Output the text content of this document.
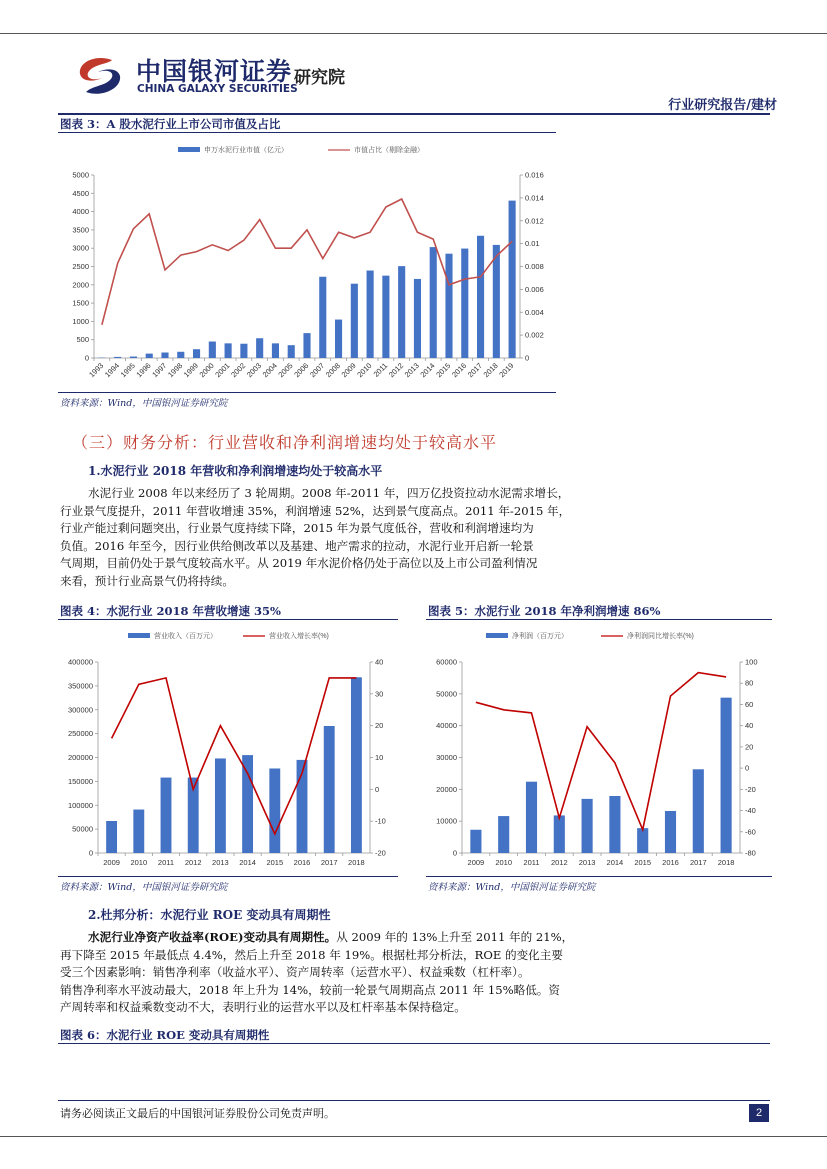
中国银河证券
CHINA GALAXY SECURITIES
研究院
行业研究报告/建材
图表 3：A 股水泥行业上市公司市值及占比
申万水泥行业市值（亿元）	市值占比（剔除金融）
0
500
1000
1500
2000
2500
3000
3500
4000
4500
5000
0
0.002
0.004
0.006
0.008
0.01
0.012
0.014
0.016
1993
1994
1995
1996
1997
1998
1999
2000
2001
2002
2003
2004
2005
2006
2007
2008
2009
2010
2011
2012
2013
2014
2015
2016
2017
2018
2019
资料来源：Wind，中国银河证券研究院
（三）财务分析：行业营收和净利润增速均处于较高水平
1.水泥行业 2018 年营收和净利润增速均处于较高水平
水泥行业 2008 年以来经历了 3 轮周期。2008 年-2011 年，四万亿投资拉动水泥需求增长，
行业景气度提升，2011 年营收增速 35%，利润增速 52%，达到景气度高点。2011 年-2015 年，
行业产能过剩问题突出，行业景气度持续下降，2015 年为景气度低谷，营收和利润增速均为
负值。2016 年至今，因行业供给侧改革以及基建、地产需求的拉动，水泥行业开启新一轮景
气周期，目前仍处于景气度较高水平。从 2019 年水泥价格仍处于高位以及上市公司盈利情况
来看，预计行业高景气仍将持续。
图表 4：水泥行业 2018 年营收增速 35%
营业收入（百万元）	营业收入增长率(%)
0
50000
100000
150000
200000
250000
300000
350000
400000
-20
-10
0
10
20
30
40
2009 2010 2011 2012 2013 2014 2015 2016 2017 2018
资料来源：Wind，中国银河证券研究院
图表 5：水泥行业 2018 年净利润增速 86%
净利润（百万元）	净利润同比增长率(%)
0
10000
20000
30000
40000
50000
60000
-80
-60
-40
-20
0
20
40
60
80
100
2009 2010 2011 2012 2013 2014 2015 2016 2017 2018
资料来源：Wind，中国银河证券研究院
2.杜邦分析：水泥行业 ROE 变动具有周期性
水泥行业净资产收益率(ROE)变动具有周期性。从 2009 年的 13%上升至 2011 年的 21%，
再下降至 2015 年最低点 4.4%，然后上升至 2018 年 19%。根据杜邦分析法，ROE 的变化主要
受三个因素影响：销售净利率（收益水平）、资产周转率（运营水平）、权益乘数（杠杆率）。
销售净利率水平波动最大，2018 年上升为 14%，较前一轮景气周期高点 2011 年 15%略低。资
产周转率和权益乘数变动不大，表明行业的运营水平以及杠杆率基本保持稳定。
图表 6：水泥行业 ROE 变动具有周期性
请务必阅读正文最后的中国银河证券股份公司免责声明。	2
